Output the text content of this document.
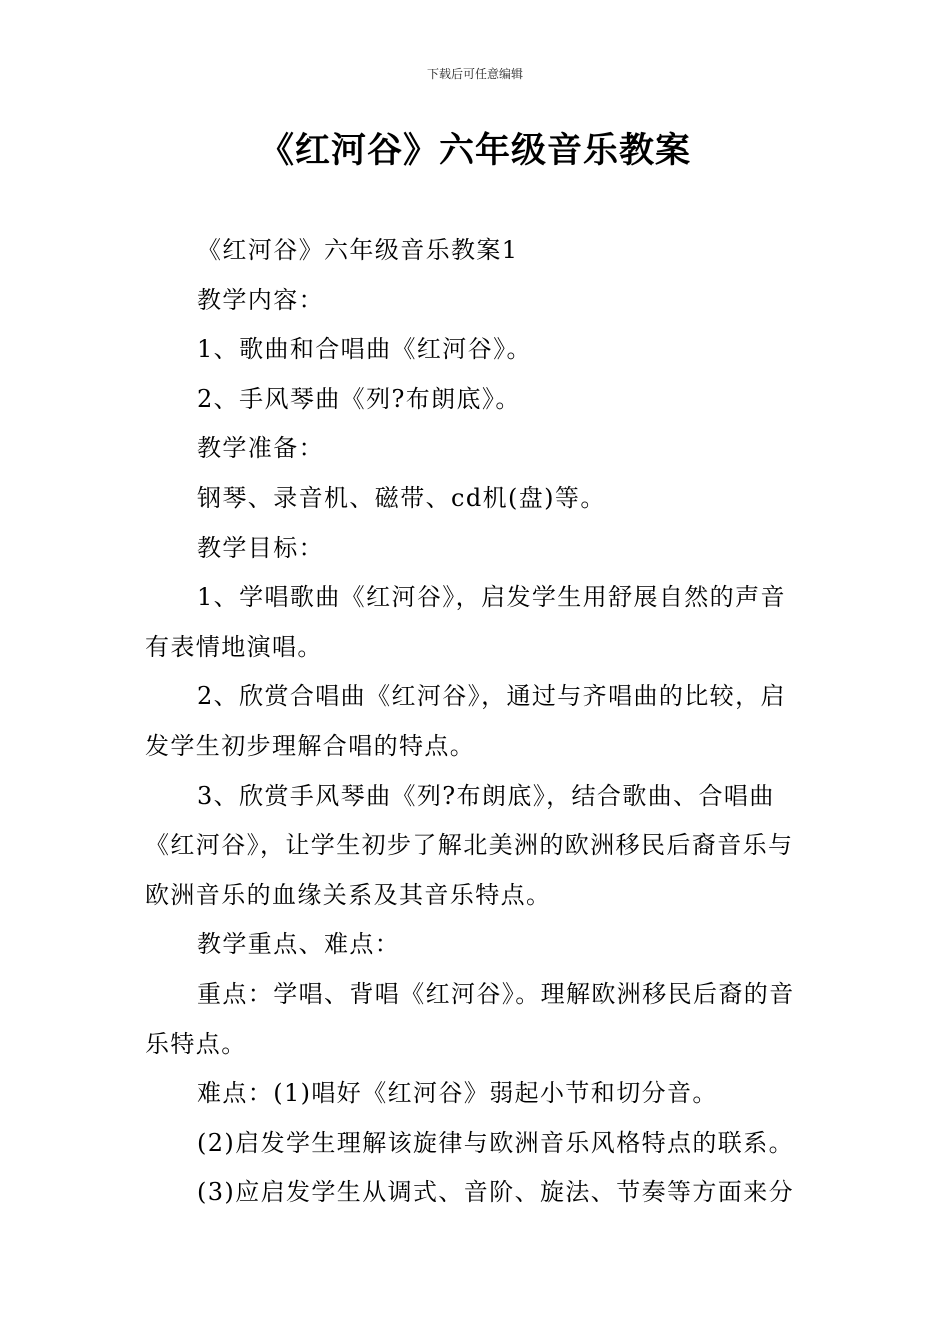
下载后可任意编辑
《红河谷》六年级音乐教案

《红河谷》六年级音乐教案1

教学内容：

1、歌曲和合唱曲《红河谷》。

2、手风琴曲《列?布朗底》。

教学准备：

钢琴、录音机、磁带、cd机(盘)等。

教学目标：

1、学唱歌曲《红河谷》，启发学生用舒展自然的声音有表情地演唱。

2、欣赏合唱曲《红河谷》，通过与齐唱曲的比较，启发学生初步理解合唱的特点。

3、欣赏手风琴曲《列?布朗底》，结合歌曲、合唱曲《红河谷》，让学生初步了解北美洲的欧洲移民后裔音乐与欧洲音乐的血缘关系及其音乐特点。

教学重点、难点：

重点：学唱、背唱《红河谷》。理解欧洲移民后裔的音乐特点。

难点：(1)唱好《红河谷》弱起小节和切分音。

(2)启发学生理解该旋律与欧洲音乐风格特点的联系。

(3)应启发学生从调式、音阶、旋法、节奏等方面来分
